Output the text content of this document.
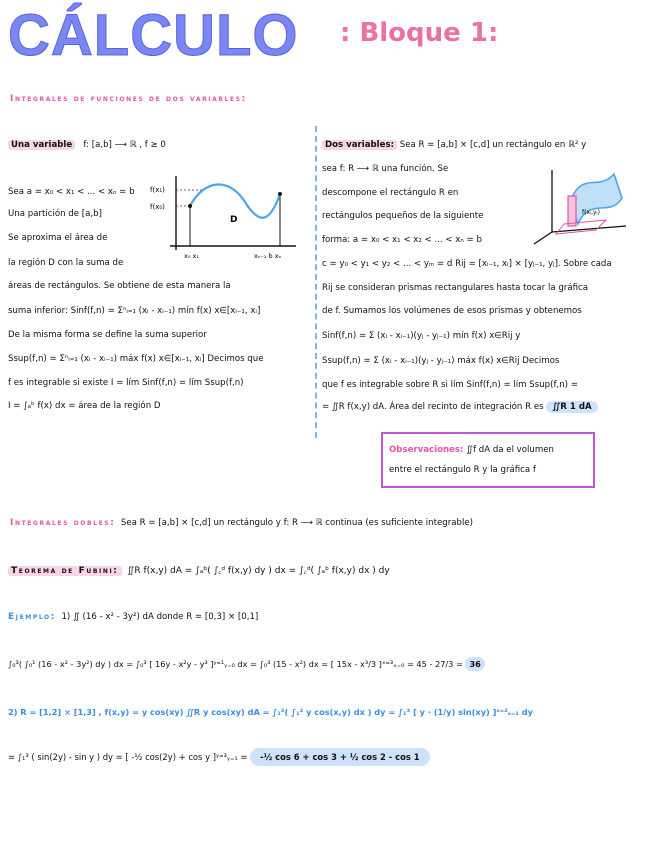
CÁLCULO : Bloque 1:
Integrales de funciones de dos variables:
Una variable f: [a,b] ⟶ ℝ , f ≥ 0
Sea a = x₀ < x₁ < ... < xₙ = b
Una partición de [a,b]
Se aproxima el área de
la región D con la suma de
áreas de rectángulos. Se obtiene de esta manera la
suma inferior: Sinf(f,n) = Σⁿᵢ₌₁ (xᵢ - xᵢ₋₁) mín f(x) x∈[xᵢ₋₁, xᵢ]
De la misma forma se define la suma superior
Ssup(f,n) = Σⁿᵢ₌₁ (xᵢ - xᵢ₋₁) máx f(x) x∈[xᵢ₋₁, xᵢ] Decimos que
f es integrable si existe I = lím Sinf(f,n) = lím Ssup(f,n)
I = ∫ₐᵇ f(x) dx = área de la región D
f(x₁)
f(x₀)
D
x₀ x₁	xₙ₋₁ b xₙ
Dos variables: Sea R = [a,b] × [c,d] un rectángulo en ℝ² y
sea f: R ⟶ ℝ una función. Se
descompone el rectángulo R en
rectángulos pequeños de la siguiente
forma: a = x₀ < x₁ < x₂ < ... < xₙ = b
c = y₀ < y₁ < y₂ < ... < yₘ = d Rij = [xᵢ₋₁, xᵢ] × [yⱼ₋₁, yⱼ]. Sobre cada
Rij se consideran prismas rectangulares hasta tocar la gráfica
de f. Sumamos los volúmenes de esos prismas y obtenemos
Sinf(f,n) = Σ (xᵢ - xᵢ₋₁)(yⱼ - yⱼ₋₁) mín f(x) x∈Rij y
Ssup(f,n) = Σ (xᵢ - xᵢ₋₁)(yⱼ - yⱼ₋₁) máx f(x) x∈Rij Decimos
que f es integrable sobre R si lím Sinf(f,n) = lím Ssup(f,n) =
= ∬R f(x,y) dA. Área del recinto de integración R es ∬R 1 dA
f(xᵢ,yⱼ)
Observaciones: ∬f dA da el volumen
entre el rectángulo R y la gráfica f
Integrales dobles: Sea R = [a,b] × [c,d] un rectángulo y f: R ⟶ ℝ continua (es suficiente integrable)
Teorema de Fubini: ∬R f(x,y) dA = ∫ₐᵇ( ∫꜀ᵈ f(x,y) dy ) dx = ∫꜀ᵈ( ∫ₐᵇ f(x,y) dx ) dy
Ejemplo: 1) ∬ (16 - x² - 3y²) dA donde R = [0,3] × [0,1]
∫₀³( ∫₀¹ (16 - x² - 3y²) dy ) dx = ∫₀³ [ 16y - x²y - y³ ]ʸ⁼¹ᵧ₌₀ dx = ∫₀³ (15 - x²) dx = [ 15x - x³/3 ]ˣ⁼³ₓ₌₀ = 45 - 27/3 = 36
2) R = [1,2] × [1,3] , f(x,y) = y cos(xy) ∬R y cos(xy) dA = ∫₁³( ∫₁² y cos(x,y) dx ) dy = ∫₁³ [ y · (1/y) sin(xy) ]ˣ⁼²ₓ₌₁ dy
= ∫₁³ ( sin(2y) - sin y ) dy = [ -½ cos(2y) + cos y ]ʸ⁼³ᵧ₌₁ = -½ cos 6 + cos 3 + ½ cos 2 - cos 1
